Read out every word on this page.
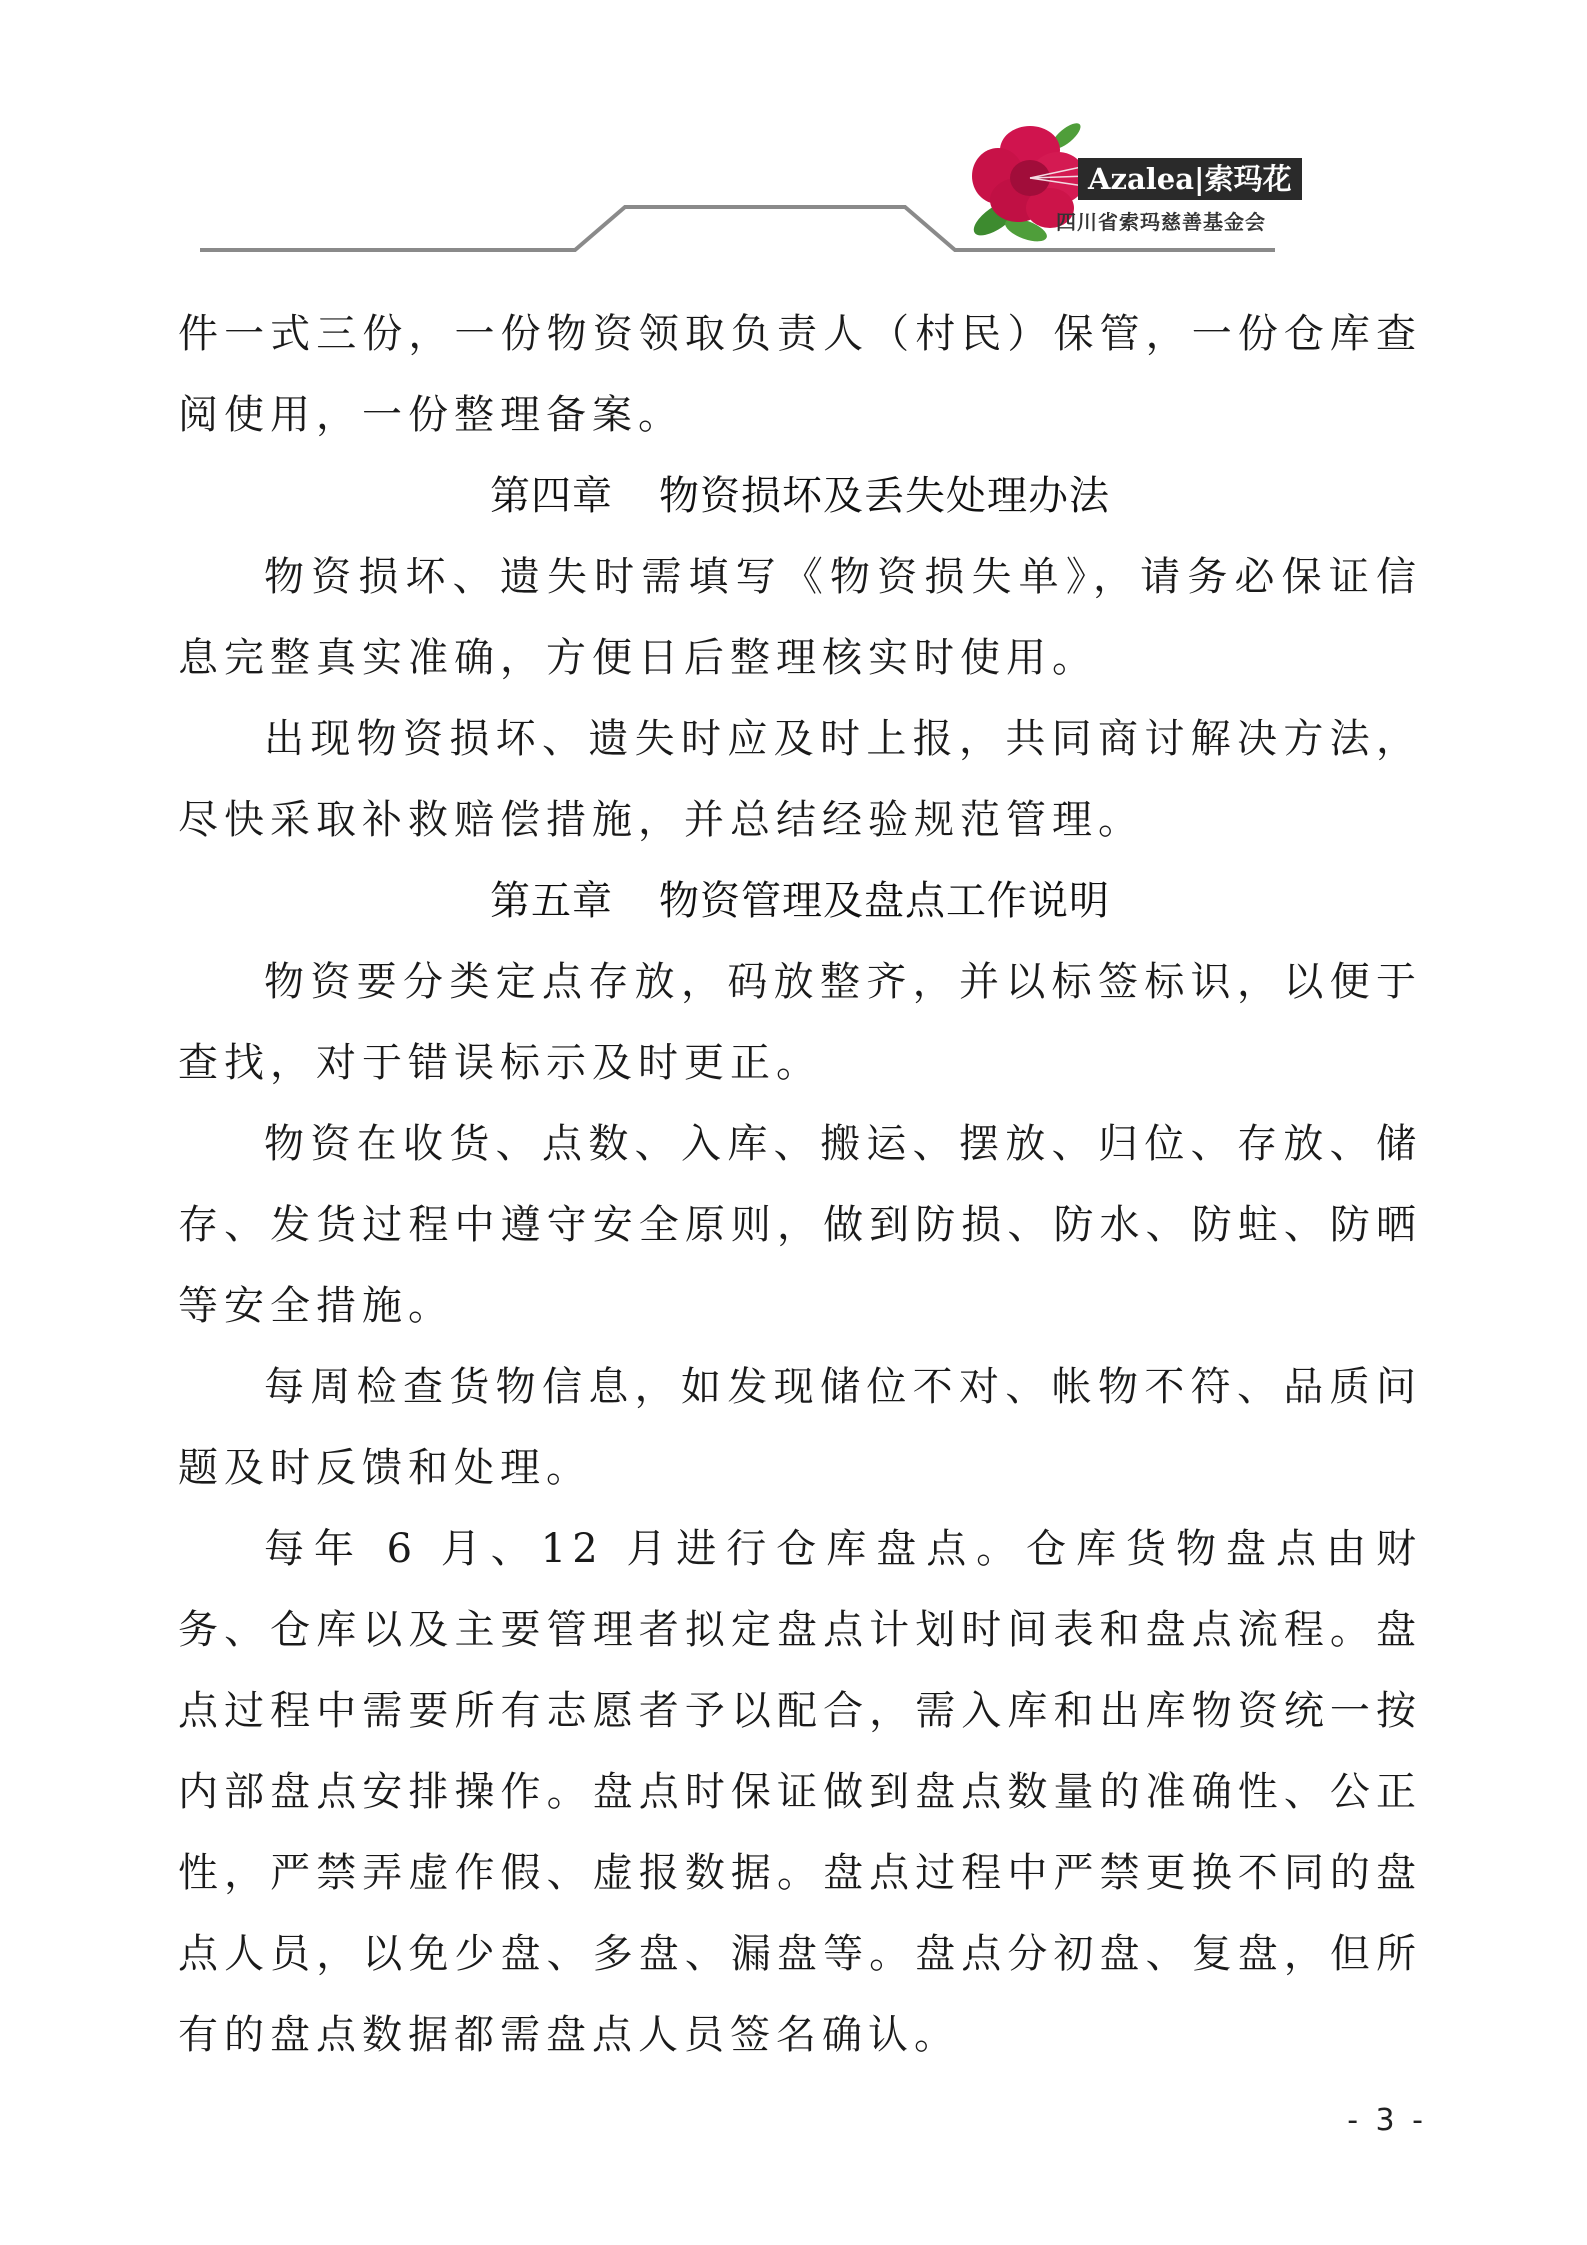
Azalea|索玛花
四川省索玛慈善基金会

件一式三份，一份物资领取负责人（村民）保管，一份仓库查阅使用，一份整理备案。

第四章 物资损坏及丢失处理办法

物资损坏、遗失时需填写《物资损失单》，请务必保证信息完整真实准确，方便日后整理核实时使用。

出现物资损坏、遗失时应及时上报，共同商讨解决方法，尽快采取补救赔偿措施，并总结经验规范管理。

第五章 物资管理及盘点工作说明

物资要分类定点存放，码放整齐，并以标签标识，以便于查找，对于错误标示及时更正。

物资在收货、点数、入库、搬运、摆放、归位、存放、储存、发货过程中遵守安全原则，做到防损、防水、防蛀、防晒等安全措施。

每周检查货物信息，如发现储位不对、帐物不符、品质问题及时反馈和处理。

每年 6 月、12 月进行仓库盘点。仓库货物盘点由财务、仓库以及主要管理者拟定盘点计划时间表和盘点流程。盘点过程中需要所有志愿者予以配合，需入库和出库物资统一按内部盘点安排操作。盘点时保证做到盘点数量的准确性、公正性，严禁弄虚作假、虚报数据。盘点过程中严禁更换不同的盘点人员，以免少盘、多盘、漏盘等。盘点分初盘、复盘，但所有的盘点数据都需盘点人员签名确认。

- 3 -
